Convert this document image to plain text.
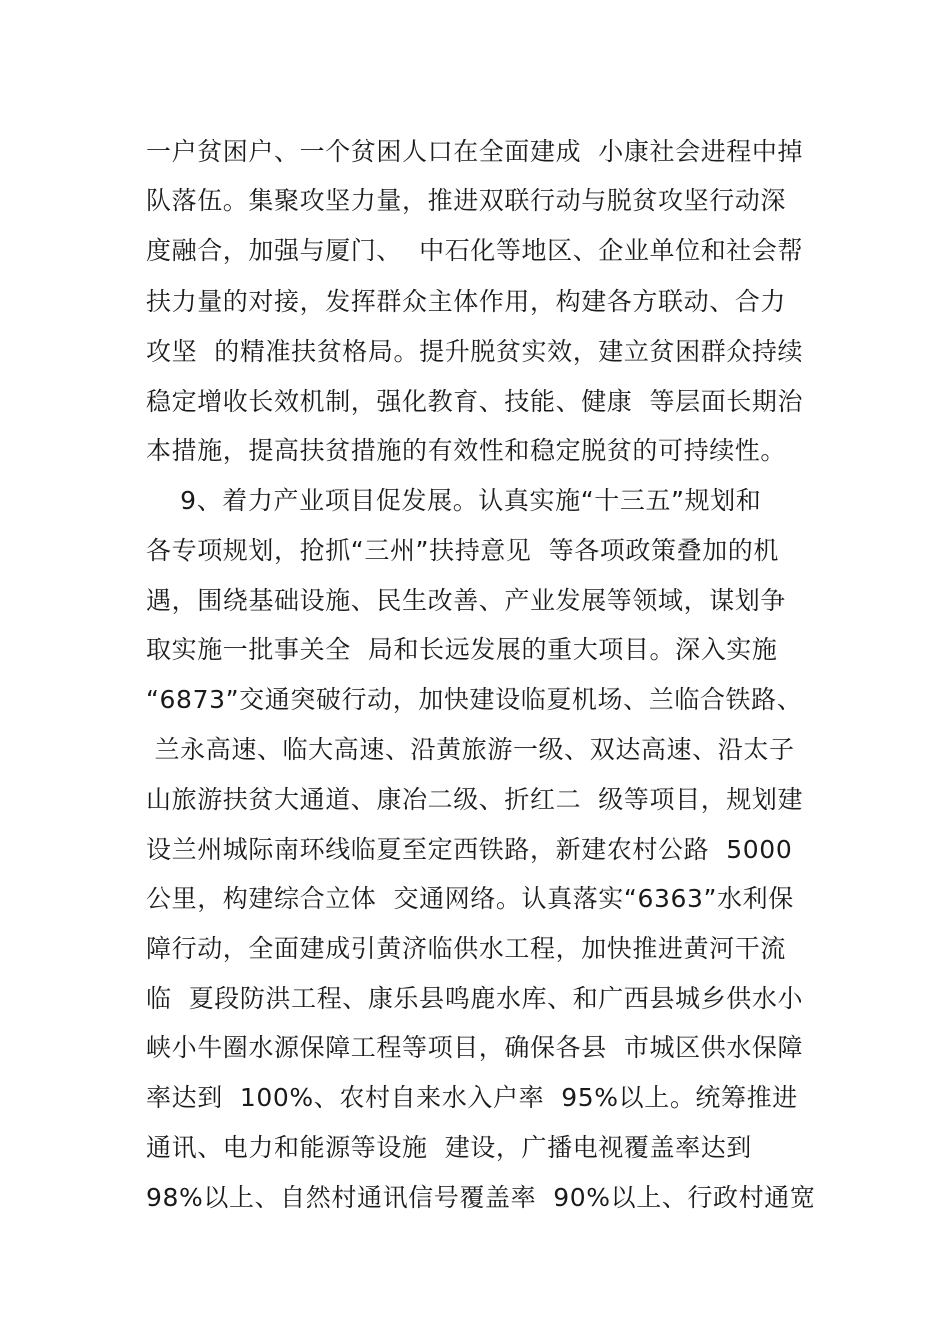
一户贫困户、一个贫困人口在全面建成  小康社会进程中掉
队落伍。集聚攻坚力量，推进双联行动与脱贫攻坚行动深
度融合，加强与厦门、  中石化等地区、企业单位和社会帮
扶力量的对接，发挥群众主体作用，构建各方联动、合力
攻坚  的精准扶贫格局。提升脱贫实效，建立贫困群众持续
稳定增收长效机制，强化教育、技能、健康  等层面长期治
本措施，提高扶贫措施的有效性和稳定脱贫的可持续性。
9、着力产业项目促发展。认真实施“十三五”规划和
各专项规划，抢抓“三州”扶持意见  等各项政策叠加的机
遇，围绕基础设施、民生改善、产业发展等领域，谋划争
取实施一批事关全  局和长远发展的重大项目。深入实施
“6873”交通突破行动，加快建设临夏机场、兰临合铁路、
兰永高速、临大高速、沿黄旅游一级、双达高速、沿太子
山旅游扶贫大通道、康冶二级、折红二  级等项目，规划建
设兰州城际南环线临夏至定西铁路，新建农村公路  5000
公里，构建综合立体  交通网络。认真落实“6363”水利保
障行动，全面建成引黄济临供水工程，加快推进黄河干流
临  夏段防洪工程、康乐县鸣鹿水库、和广西县城乡供水小
峡小牛圈水源保障工程等项目，确保各县  市城区供水保障
率达到  100%、农村自来水入户率  95%以上。统筹推进
通讯、电力和能源等设施  建设，广播电视覆盖率达到
98%以上、自然村通讯信号覆盖率  90%以上、行政村通宽
